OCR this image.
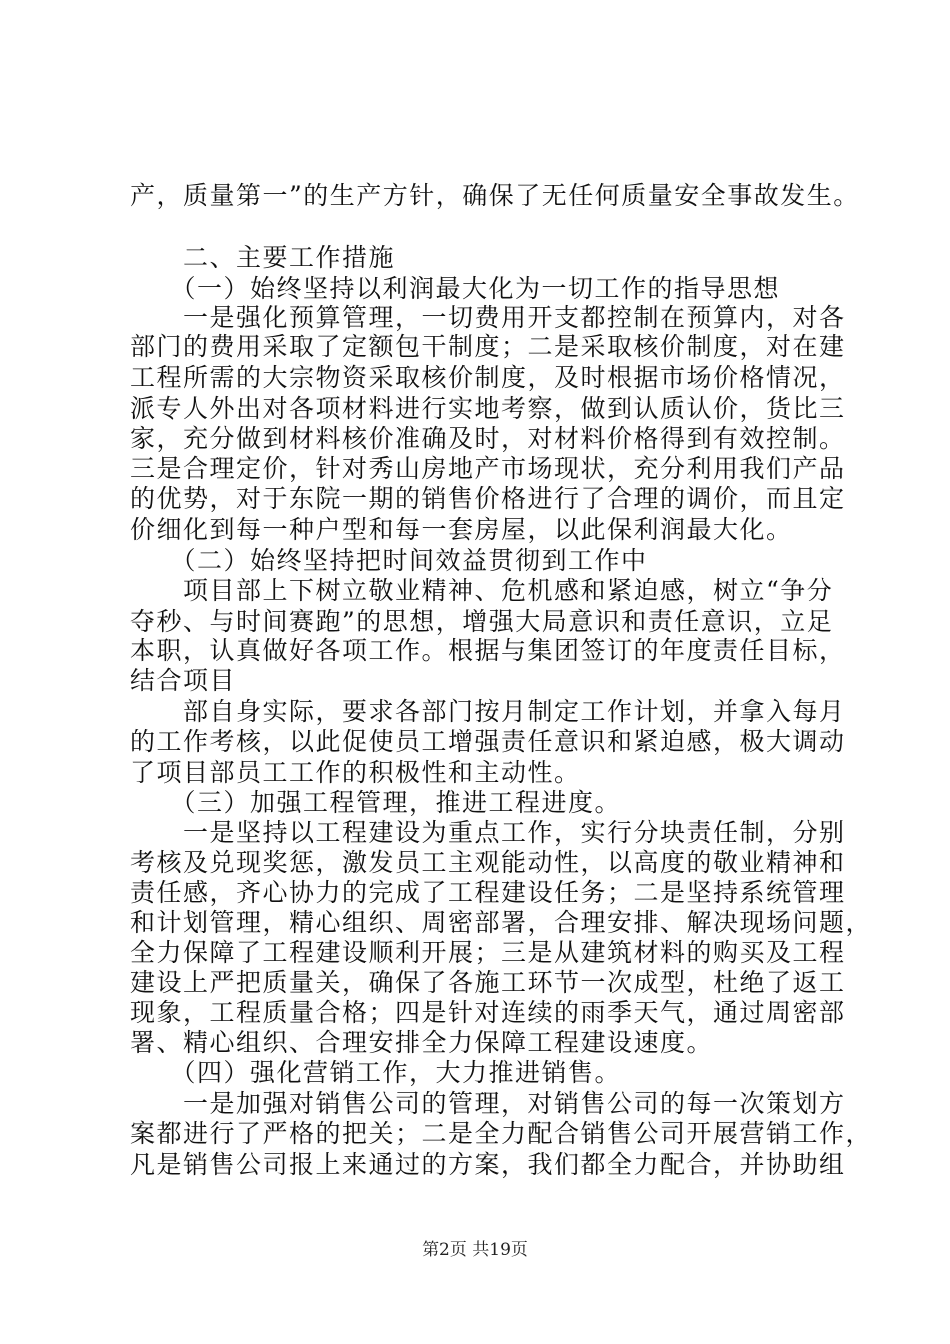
产，质量第一”的生产方针，确保了无任何质量安全事故发生。
　　二、主要工作措施
　　（一）始终坚持以利润最大化为一切工作的指导思想
　　一是强化预算管理，一切费用开支都控制在预算内，对各
部门的费用采取了定额包干制度；二是采取核价制度，对在建
工程所需的大宗物资采取核价制度，及时根据市场价格情况，
派专人外出对各项材料进行实地考察，做到认质认价，货比三
家，充分做到材料核价准确及时，对材料价格得到有效控制。
三是合理定价，针对秀山房地产市场现状，充分利用我们产品
的优势，对于东院一期的销售价格进行了合理的调价，而且定
价细化到每一种户型和每一套房屋，以此保利润最大化。
　　（二）始终坚持把时间效益贯彻到工作中
　　项目部上下树立敬业精神、危机感和紧迫感，树立“争分
夺秒、与时间赛跑”的思想，增强大局意识和责任意识，立足
本职，认真做好各项工作。根据与集团签订的年度责任目标，
结合项目
　　部自身实际，要求各部门按月制定工作计划，并拿入每月
的工作考核，以此促使员工增强责任意识和紧迫感，极大调动
了项目部员工工作的积极性和主动性。
　　（三）加强工程管理，推进工程进度。
　　一是坚持以工程建设为重点工作，实行分块责任制，分别
考核及兑现奖惩，激发员工主观能动性，以高度的敬业精神和
责任感，齐心协力的完成了工程建设任务；二是坚持系统管理
和计划管理，精心组织、周密部署，合理安排、解决现场问题，
全力保障了工程建设顺利开展；三是从建筑材料的购买及工程
建设上严把质量关，确保了各施工环节一次成型，杜绝了返工
现象，工程质量合格；四是针对连续的雨季天气，通过周密部
署、精心组织、合理安排全力保障工程建设速度。
　　（四）强化营销工作，大力推进销售。
　　一是加强对销售公司的管理，对销售公司的每一次策划方
案都进行了严格的把关；二是全力配合销售公司开展营销工作，
凡是销售公司报上来通过的方案，我们都全力配合，并协助组
第2页 共19页
